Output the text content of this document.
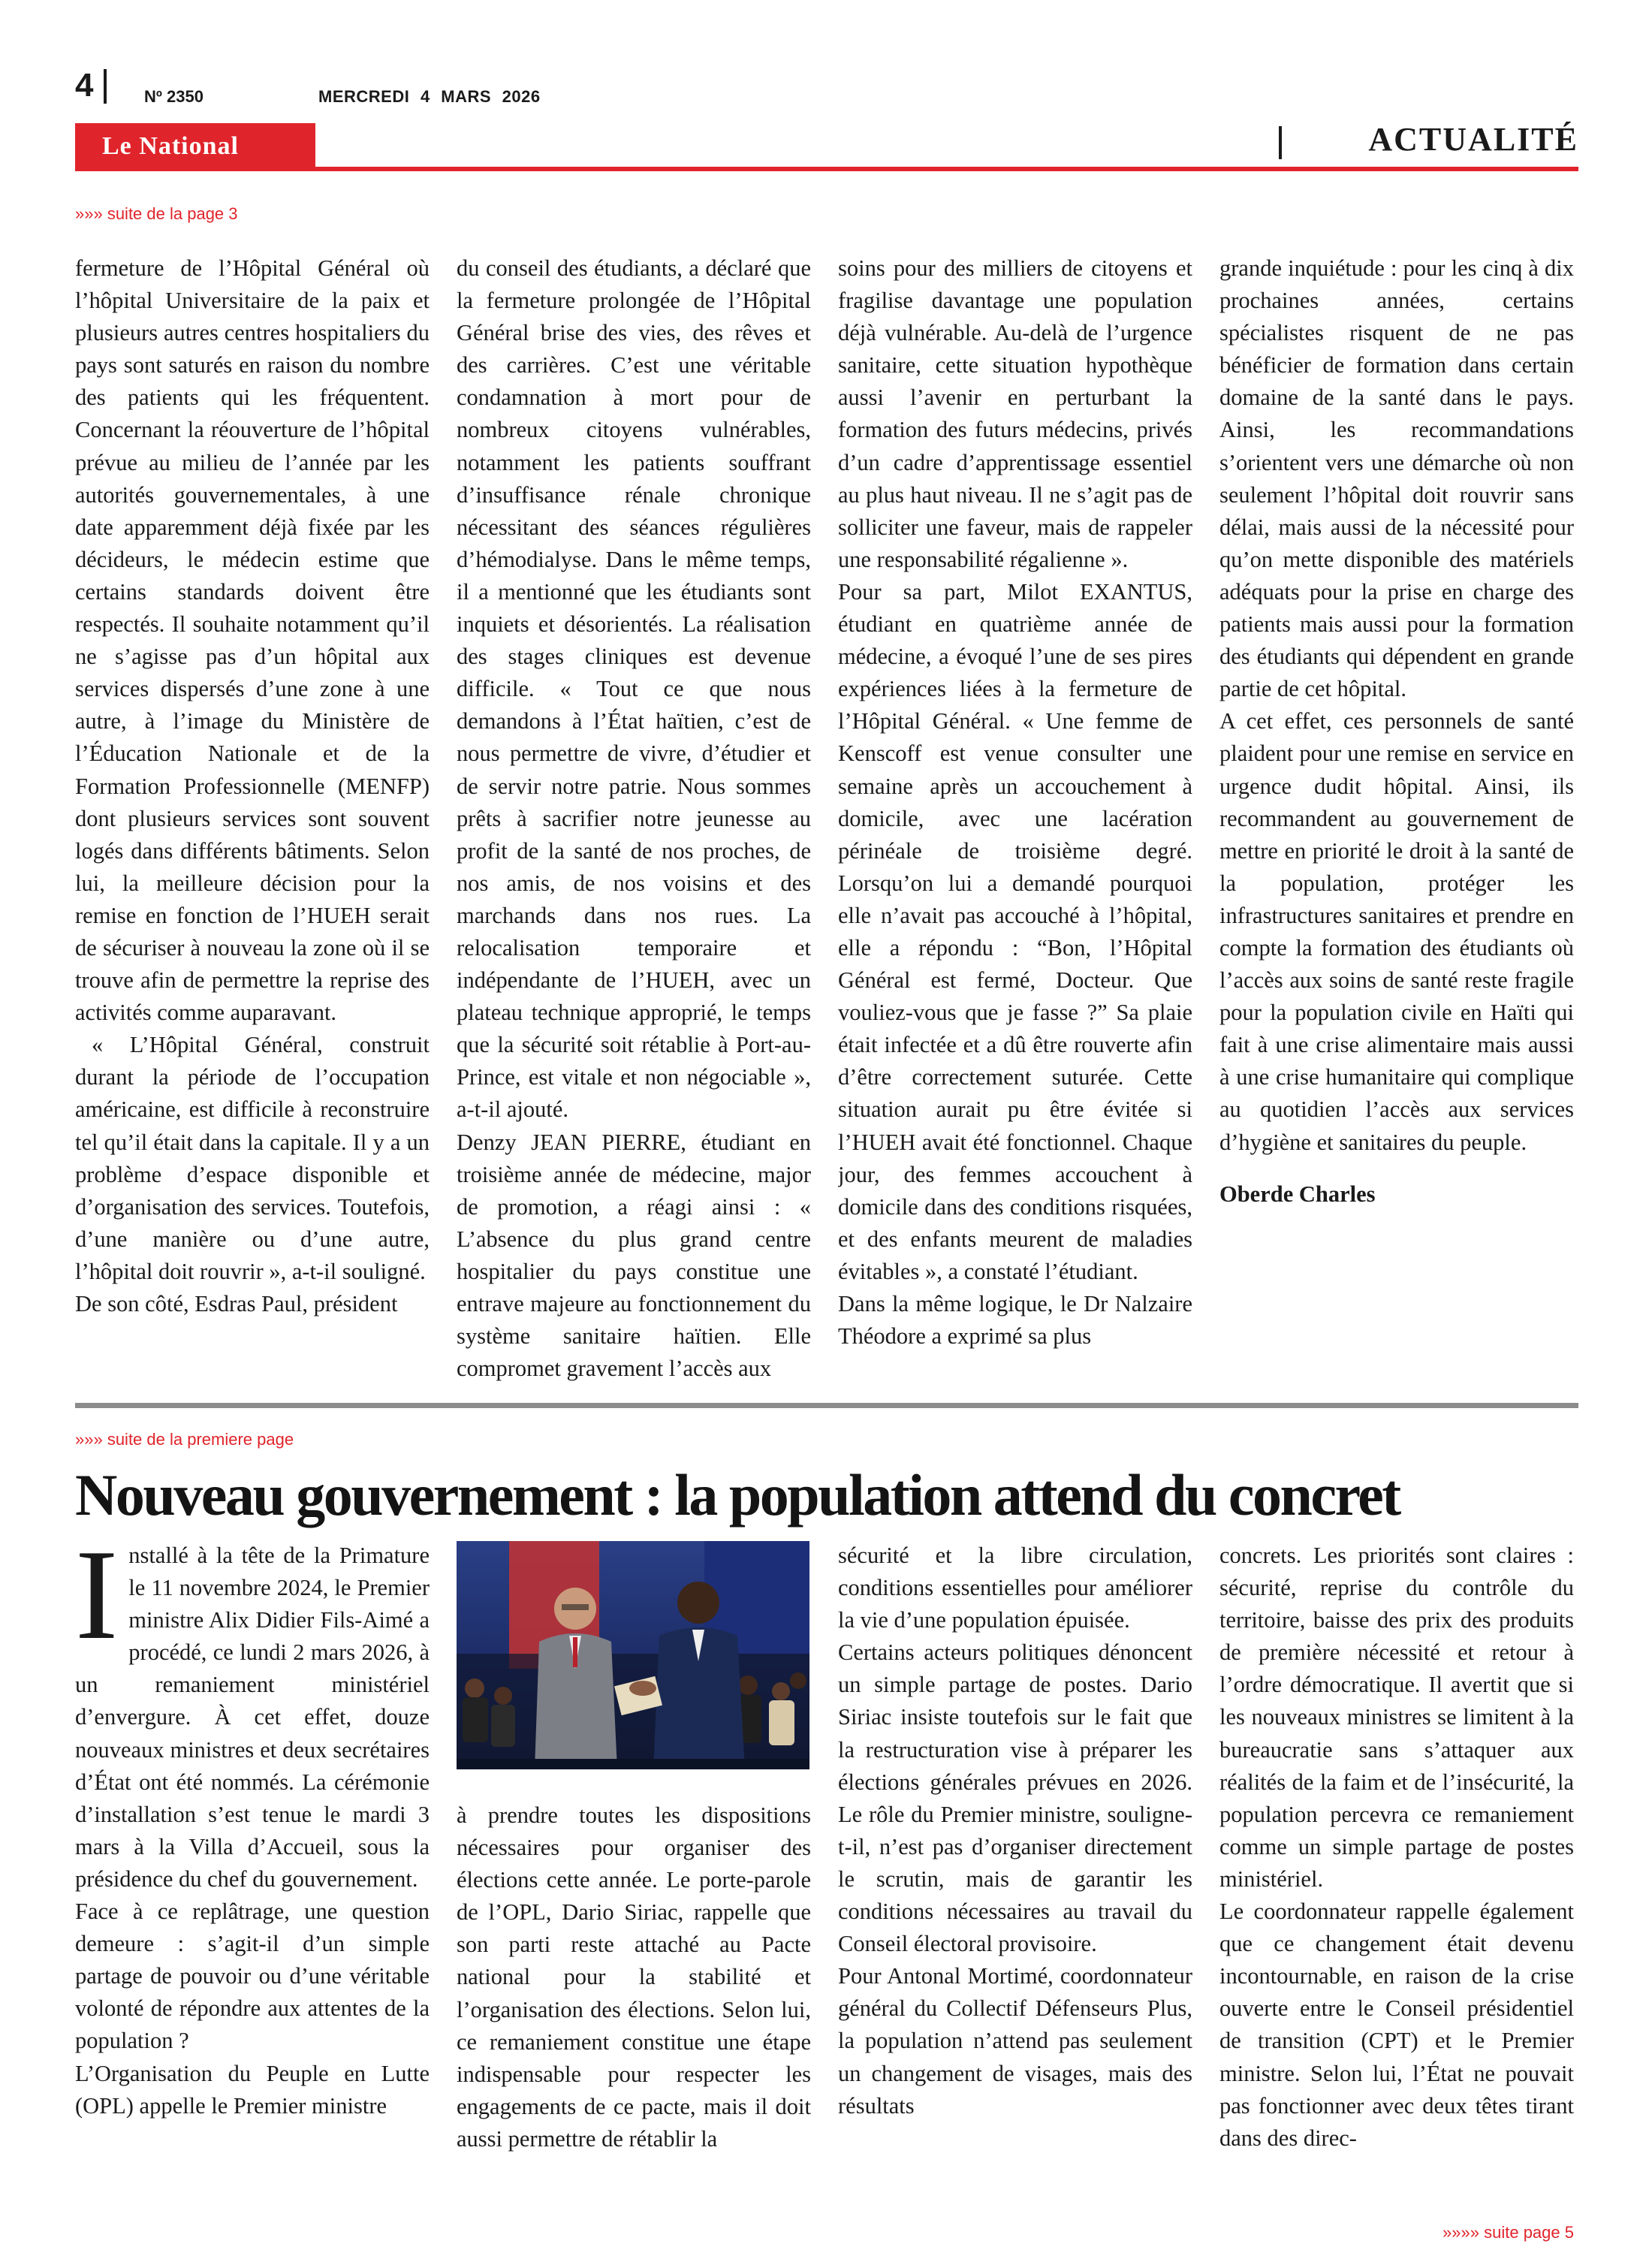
4	Nº 2350	MERCREDI 4 MARS 2026
Le National	ACTUALITÉ
»»» suite de la page 3

fermeture de l’Hôpital Général où l’hôpital Universitaire de la paix et plusieurs autres centres hospitaliers du pays sont saturés en raison du nombre des patients qui les fréquentent. Concernant la réouverture de l’hôpital prévue au milieu de l’année par les autorités gouvernementales, à une date apparemment déjà fixée par les décideurs, le médecin estime que certains standards doivent être respectés. Il souhaite notamment qu’il ne s’agisse pas d’un hôpital aux services dispersés d’une zone à une autre, à l’image du Ministère de l’Éducation Nationale et de la Formation Professionnelle (MENFP) dont plusieurs services sont souvent logés dans différents bâtiments. Selon lui, la meilleure décision pour la remise en fonction de l’HUEH serait de sécuriser à nouveau la zone où il se trouve afin de permettre la reprise des activités comme auparavant.

« L’Hôpital Général, construit durant la période de l’occupation américaine, est difficile à reconstruire tel qu’il était dans la capitale. Il y a un problème d’espace disponible et d’organisation des services. Toutefois, d’une manière ou d’une autre, l’hôpital doit rouvrir », a-t-il souligné.

De son côté, Esdras Paul, président

du conseil des étudiants, a déclaré que la fermeture prolongée de l’Hôpital Général brise des vies, des rêves et des carrières. C’est une véritable condamnation à mort pour de nombreux citoyens vulnérables, notamment les patients souffrant d’insuffisance rénale chronique nécessitant des séances régulières d’hémodialyse. Dans le même temps, il a mentionné que les étudiants sont inquiets et désorientés. La réalisation des stages cliniques est devenue difficile. « Tout ce que nous demandons à l’État haïtien, c’est de nous permettre de vivre, d’étudier et de servir notre patrie. Nous sommes prêts à sacrifier notre jeunesse au profit de la santé de nos proches, de nos amis, de nos voisins et des marchands dans nos rues. La relocalisation temporaire et indépendante de l’HUEH, avec un plateau technique approprié, le temps que la sécurité soit rétablie à Port-au-Prince, est vitale et non négociable », a-t-il ajouté.

Denzy JEAN PIERRE, étudiant en troisième année de médecine, major de promotion, a réagi ainsi : « L’absence du plus grand centre hospitalier du pays constitue une entrave majeure au fonctionnement du système sanitaire haïtien. Elle compromet gravement l’accès aux

soins pour des milliers de citoyens et fragilise davantage une population déjà vulnérable. Au-delà de l’urgence sanitaire, cette situation hypothèque aussi l’avenir en perturbant la formation des futurs médecins, privés d’un cadre d’apprentissage essentiel au plus haut niveau. Il ne s’agit pas de solliciter une faveur, mais de rappeler une responsabilité régalienne ».

Pour sa part, Milot EXANTUS, étudiant en quatrième année de médecine, a évoqué l’une de ses pires expériences liées à la fermeture de l’Hôpital Général. « Une femme de Kenscoff est venue consulter une semaine après un accouchement à domicile, avec une lacération périnéale de troisième degré. Lorsqu’on lui a demandé pourquoi elle n’avait pas accouché à l’hôpital, elle a répondu : “Bon, l’Hôpital Général est fermé, Docteur. Que vouliez-vous que je fasse ?” Sa plaie était infectée et a dû être rouverte afin d’être correctement suturée. Cette situation aurait pu être évitée si l’HUEH avait été fonctionnel. Chaque jour, des femmes accouchent à domicile dans des conditions risquées, et des enfants meurent de maladies évitables », a constaté l’étudiant.

Dans la même logique, le Dr Nalzaire Théodore a exprimé sa plus

grande inquiétude : pour les cinq à dix prochaines années, certains spécialistes risquent de ne pas bénéficier de formation dans certain domaine de la santé dans le pays. Ainsi, les recommandations s’orientent vers une démarche où non seulement l’hôpital doit rouvrir sans délai, mais aussi de la nécessité pour qu’on mette disponible des matériels adéquats pour la prise en charge des patients mais aussi pour la formation des étudiants qui dépendent en grande partie de cet hôpital.

A cet effet, ces personnels de santé plaident pour une remise en service en urgence dudit hôpital. Ainsi, ils recommandent au gouvernement de mettre en priorité le droit à la santé de la population, protéger les infrastructures sanitaires et prendre en compte la formation des étudiants où l’accès aux soins de santé reste fragile pour la population civile en Haïti qui fait à une crise alimentaire mais aussi à une crise humanitaire qui complique au quotidien l’accès aux services d’hygiène et sanitaires du peuple.

Oberde Charles

»»» suite de la premiere page
Nouveau gouvernement : la population attend du concret

Installé à la tête de la Primature le 11 novembre 2024, le Premier ministre Alix Didier Fils-Aimé a procédé, ce lundi 2 mars 2026, à un remaniement ministériel d’envergure. À cet effet, douze nouveaux ministres et deux secrétaires d’État ont été nommés. La cérémonie d’installation s’est tenue le mardi 3 mars à la Villa d’Accueil, sous la présidence du chef du gouvernement.

Face à ce replâtrage, une question demeure : s’agit-il d’un simple partage de pouvoir ou d’une véritable volonté de répondre aux attentes de la population ?

L’Organisation du Peuple en Lutte (OPL) appelle le Premier ministre

à prendre toutes les dispositions nécessaires pour organiser des élections cette année. Le porte-parole de l’OPL, Dario Siriac, rappelle que son parti reste attaché au Pacte national pour la stabilité et l’organisation des élections. Selon lui, ce remaniement constitue une étape indispensable pour respecter les engagements de ce pacte, mais il doit aussi permettre de rétablir la

sécurité et la libre circulation, conditions essentielles pour améliorer la vie d’une population épuisée.

Certains acteurs politiques dénoncent un simple partage de postes. Dario Siriac insiste toutefois sur le fait que la restructuration vise à préparer les élections générales prévues en 2026. Le rôle du Premier ministre, souligne-t-il, n’est pas d’organiser directement le scrutin, mais de garantir les conditions nécessaires au travail du Conseil électoral provisoire.

Pour Antonal Mortimé, coordonnateur général du Collectif Défenseurs Plus, la population n’attend pas seulement un changement de visages, mais des résultats

concrets. Les priorités sont claires : sécurité, reprise du contrôle du territoire, baisse des prix des produits de première nécessité et retour à l’ordre démocratique. Il avertit que si les nouveaux ministres se limitent à la bureaucratie sans s’attaquer aux réalités de la faim et de l’insécurité, la population percevra ce remaniement comme un simple partage de postes ministériel.

Le coordonnateur rappelle également que ce changement était devenu incontournable, en raison de la crise ouverte entre le Conseil présidentiel de transition (CPT) et le Premier ministre. Selon lui, l’État ne pouvait pas fonctionner avec deux têtes tirant dans des direc-

»»»» suite page 5
